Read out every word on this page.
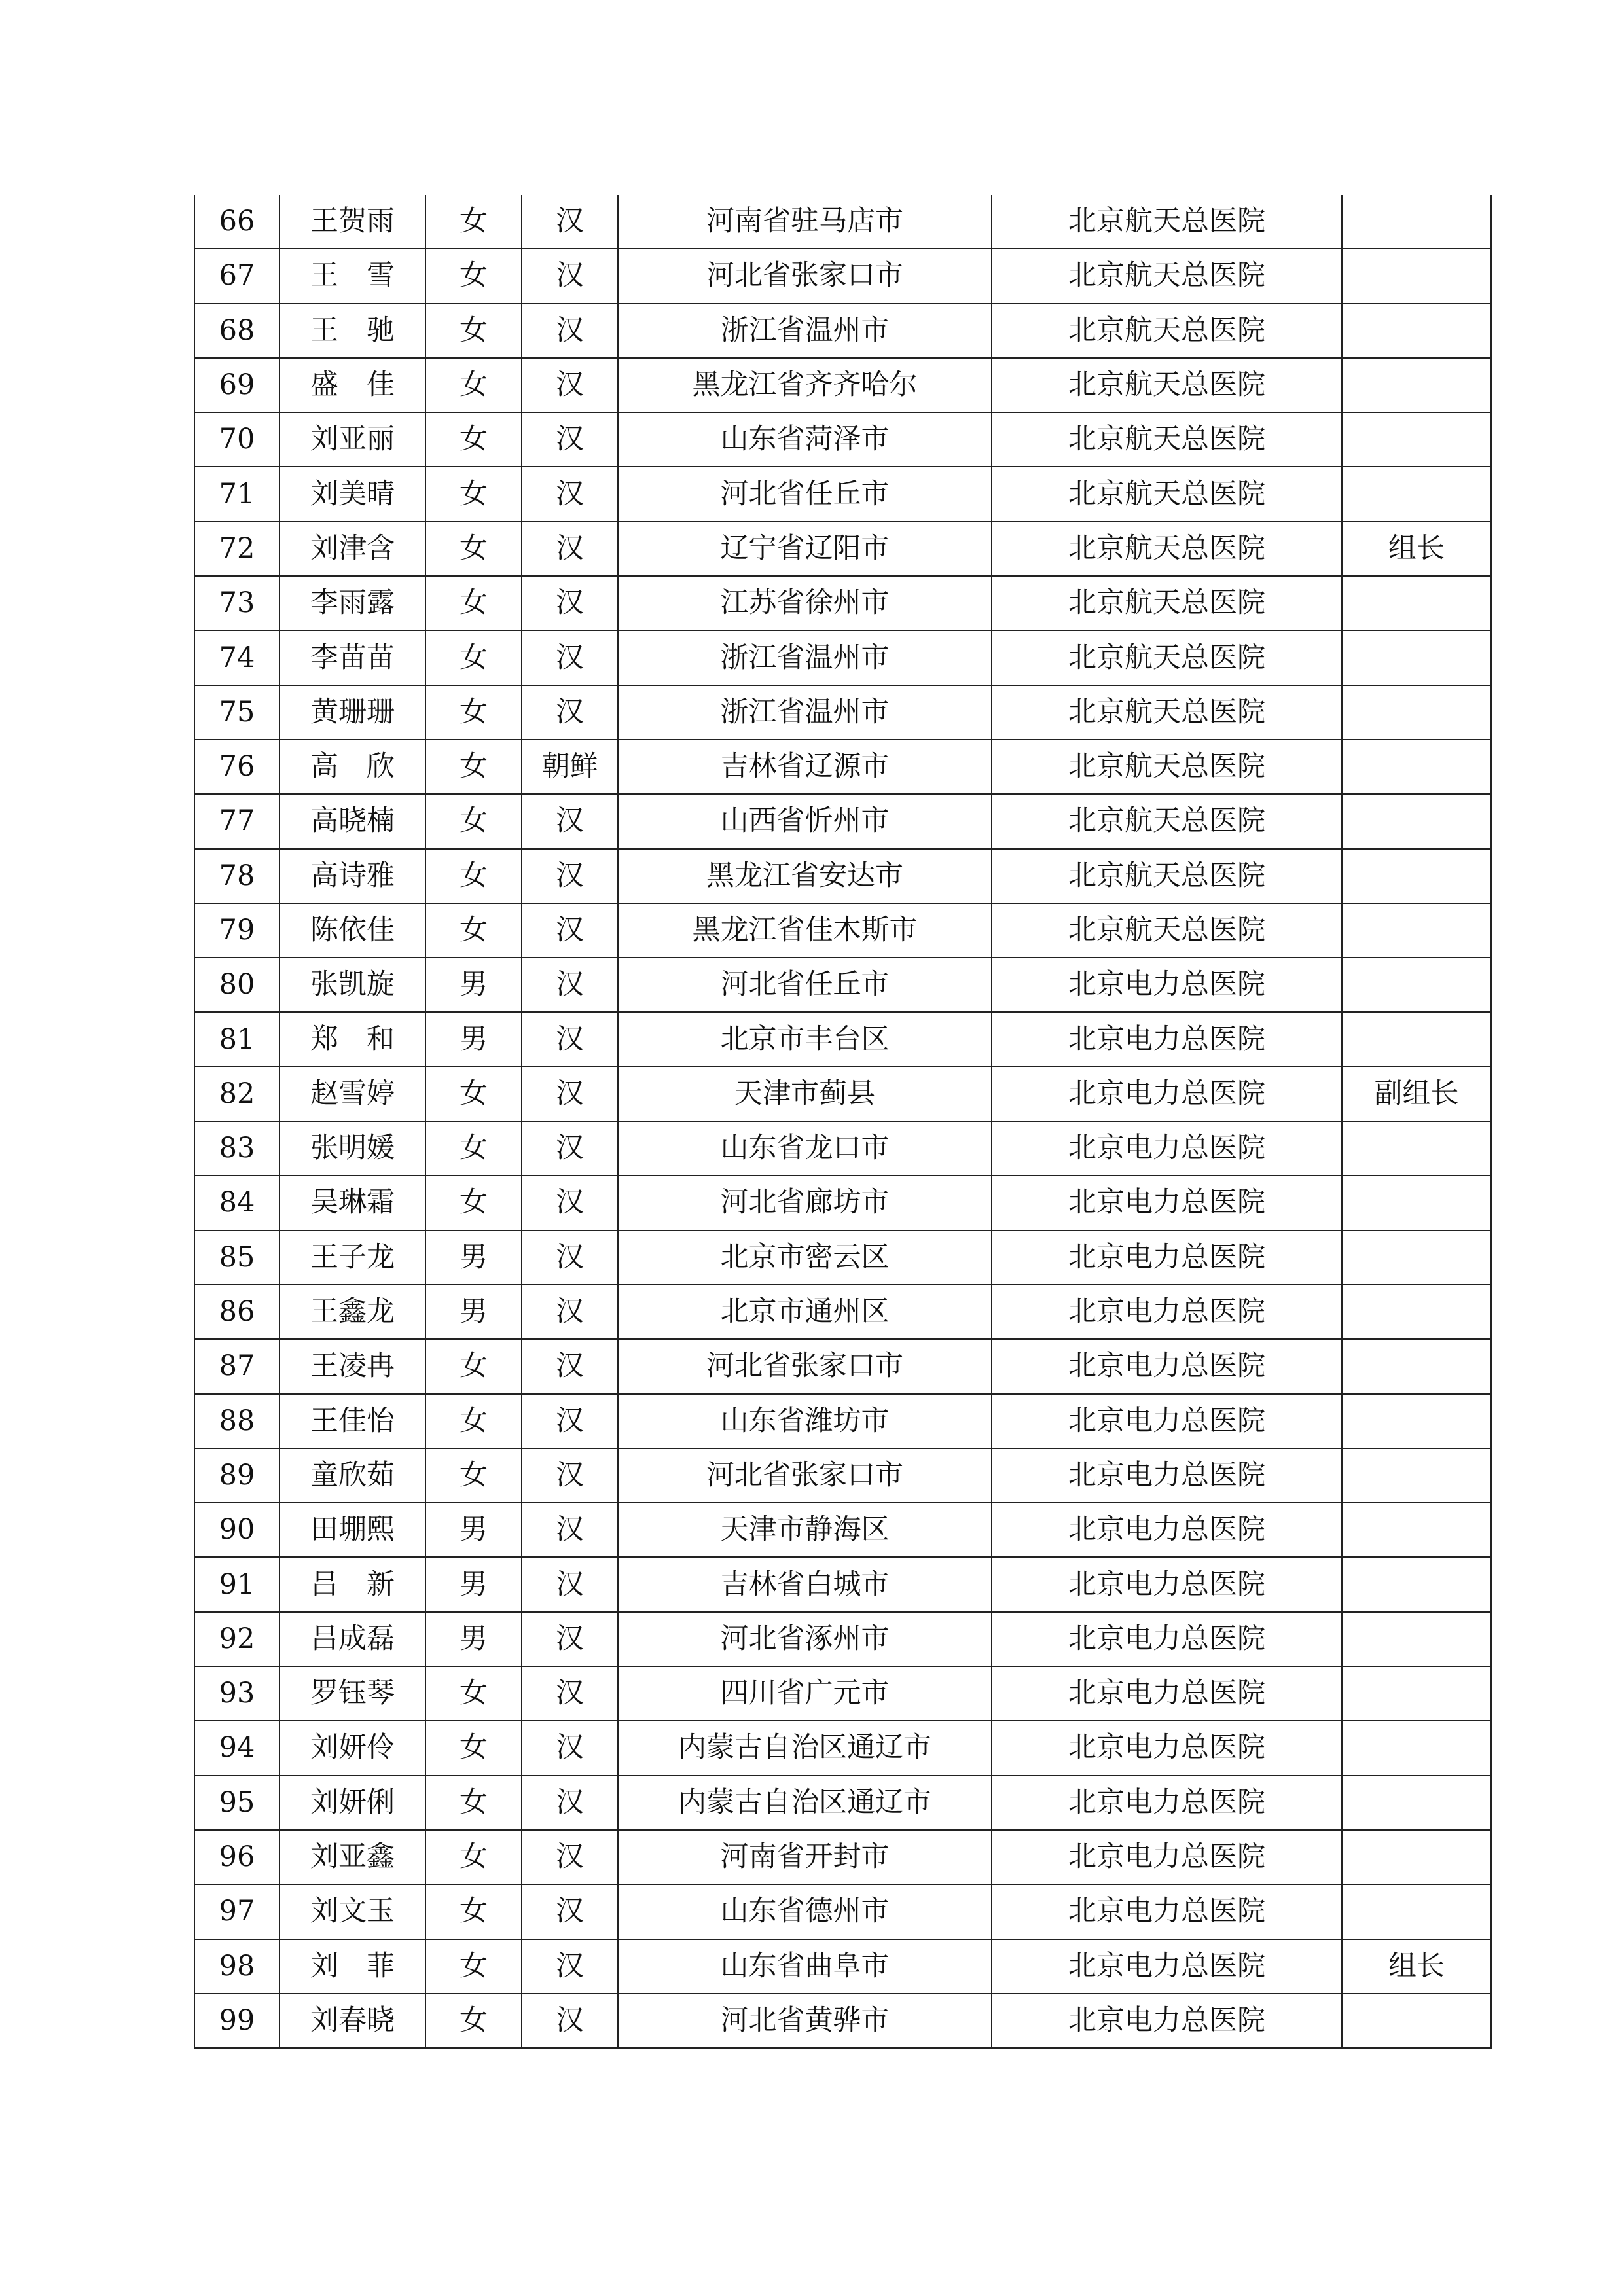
66	王贺雨	女	汉	河南省驻马店市	北京航天总医院	
67	王　雪	女	汉	河北省张家口市	北京航天总医院	
68	王　驰	女	汉	浙江省温州市	北京航天总医院	
69	盛　佳	女	汉	黑龙江省齐齐哈尔	北京航天总医院	
70	刘亚丽	女	汉	山东省菏泽市	北京航天总医院	
71	刘美晴	女	汉	河北省任丘市	北京航天总医院	
72	刘津含	女	汉	辽宁省辽阳市	北京航天总医院	组长
73	李雨露	女	汉	江苏省徐州市	北京航天总医院	
74	李苗苗	女	汉	浙江省温州市	北京航天总医院	
75	黄珊珊	女	汉	浙江省温州市	北京航天总医院	
76	高　欣	女	朝鲜	吉林省辽源市	北京航天总医院	
77	高晓楠	女	汉	山西省忻州市	北京航天总医院	
78	高诗雅	女	汉	黑龙江省安达市	北京航天总医院	
79	陈依佳	女	汉	黑龙江省佳木斯市	北京航天总医院	
80	张凯旋	男	汉	河北省任丘市	北京电力总医院	
81	郑　和	男	汉	北京市丰台区	北京电力总医院	
82	赵雪婷	女	汉	天津市蓟县	北京电力总医院	副组长
83	张明媛	女	汉	山东省龙口市	北京电力总医院	
84	吴琳霜	女	汉	河北省廊坊市	北京电力总医院	
85	王子龙	男	汉	北京市密云区	北京电力总医院	
86	王鑫龙	男	汉	北京市通州区	北京电力总医院	
87	王凌冉	女	汉	河北省张家口市	北京电力总医院	
88	王佳怡	女	汉	山东省潍坊市	北京电力总医院	
89	童欣茹	女	汉	河北省张家口市	北京电力总医院	
90	田堋熙	男	汉	天津市静海区	北京电力总医院	
91	吕　新	男	汉	吉林省白城市	北京电力总医院	
92	吕成磊	男	汉	河北省涿州市	北京电力总医院	
93	罗钰琴	女	汉	四川省广元市	北京电力总医院	
94	刘妍伶	女	汉	内蒙古自治区通辽市	北京电力总医院	
95	刘妍俐	女	汉	内蒙古自治区通辽市	北京电力总医院	
96	刘亚鑫	女	汉	河南省开封市	北京电力总医院	
97	刘文玉	女	汉	山东省德州市	北京电力总医院	
98	刘　菲	女	汉	山东省曲阜市	北京电力总医院	组长
99	刘春晓	女	汉	河北省黄骅市	北京电力总医院	
